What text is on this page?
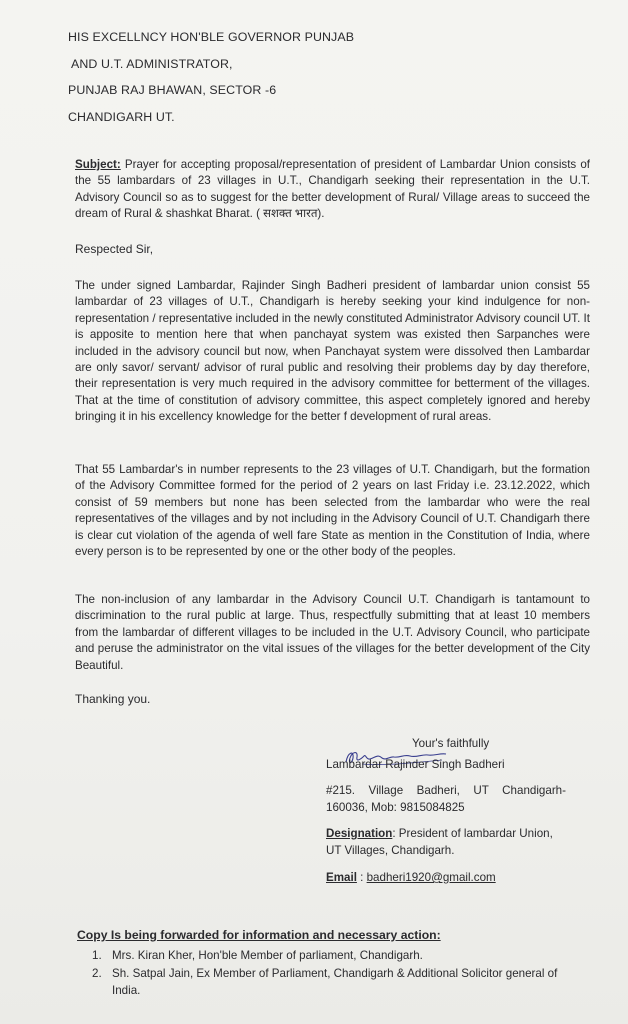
HIS EXCELLNCY HON'BLE GOVERNOR PUNJAB
AND U.T. ADMINISTRATOR,
PUNJAB RAJ BHAWAN, SECTOR -6
CHANDIGARH UT.
Subject: Prayer for accepting proposal/representation of president of Lambardar Union consists of the 55 lambardars of 23 villages in U.T., Chandigarh seeking their representation in the U.T. Advisory Council so as to suggest for the better development of Rural/ Village areas to succeed the dream of Rural & shashkat Bharat. ( सशक्त भारत).
Respected Sir,
The under signed Lambardar, Rajinder Singh Badheri president of lambardar union consist 55 lambardar of 23 villages of U.T., Chandigarh is hereby seeking your kind indulgence for non-representation / representative included in the newly constituted Administrator Advisory council UT. It is apposite to mention here that when panchayat system was existed then Sarpanches were included in the advisory council but now, when Panchayat system were dissolved then Lambardar are only savor/ servant/ advisor of rural public and resolving their problems day by day therefore, their representation is very much required in the advisory committee for betterment of the villages. That at the time of constitution of advisory committee, this aspect completely ignored and hereby bringing it in his excellency knowledge for the better f development of rural areas.
That 55 Lambardar's in number represents to the 23 villages of U.T. Chandigarh, but the formation of the Advisory Committee formed for the period of 2 years on last Friday i.e. 23.12.2022, which consist of 59 members but none has been selected from the lambardar who were the real representatives of the villages and by not including in the Advisory Council of U.T. Chandigarh there is clear cut violation of the agenda of well fare State as mention in the Constitution of India, where every person is to be represented by one or the other body of the peoples.
The non-inclusion of any lambardar in the Advisory Council U.T. Chandigarh is tantamount to discrimination to the rural public at large. Thus, respectfully submitting that at least 10 members from the lambardar of different villages to be included in the U.T. Advisory Council, who participate and peruse the administrator on the vital issues of the villages for the better development of the City Beautiful.
Thanking you.
Your's faithfully
Lambardar Rajinder Singh Badheri
#215. Village Badheri, UT Chandigarh-160036, Mob: 9815084825
Designation: President of lambardar Union, UT Villages, Chandigarh.
Email : badheri1920@gmail.com
Copy Is being forwarded for information and necessary action:
1. Mrs. Kiran Kher, Hon'ble Member of parliament, Chandigarh.
2. Sh. Satpal Jain, Ex Member of Parliament, Chandigarh & Additional Solicitor general of India.
